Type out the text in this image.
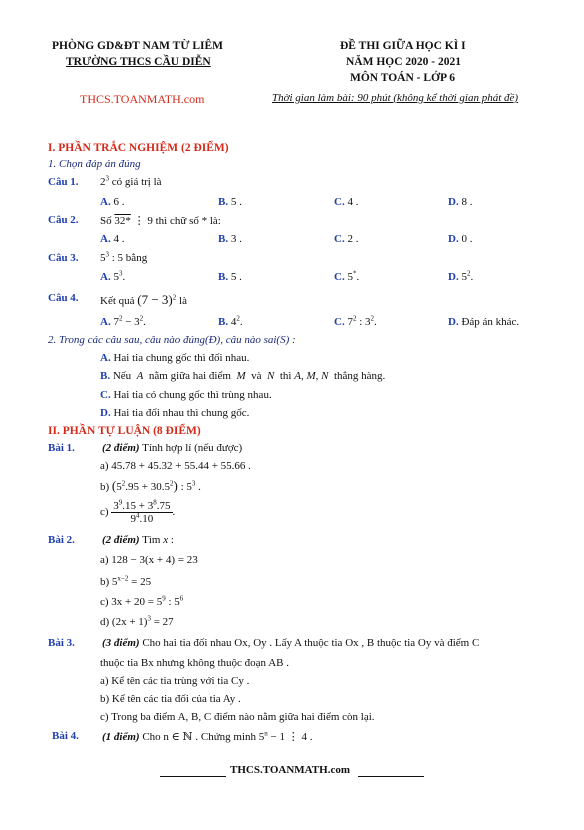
PHÒNG GD&ĐT NAM TỪ LIÊM
TRƯỜNG THCS CẦU DIỄN
THCS.TOANMATH.com
ĐỀ THI GIỮA HỌC KÌ I
NĂM HỌC 2020 - 2021
MÔN TOÁN - LỚP 6
Thời gian làm bài: 90 phút (không kể thời gian phát đề)
I. PHẦN TRẮC NGHIỆM (2 ĐIỂM)
1. Chọn đáp án đúng
Câu 1. $2^3$ có giá trị là
A. 6 .	B. 5 .	C. 4 .	D. 8 .
Câu 2. Số 32* ⋮ 9 thì chữ số * là:
A. 4 .	B. 3 .	C. 2 .	D. 0 .
Câu 3. $5^3$ : 5 bằng
A. $5^3$.	B. 5 .	C. 5*.	D. $5^2$.
Câu 4. Kết quả $(7 - 3)^2$ là
A. $7^2 - 3^2$.	B. $4^2$.	C. $7^2$ : $3^2$.	D. Đáp án khác.
2. Trong các câu sau, câu nào đúng(Đ), câu nào sai(S) :
A. Hai tia chung gốc thì đối nhau.
B. Nếu A nằm giữa hai điểm M và N thì A, M, N thẳng hàng.
C. Hai tia có chung gốc thì trùng nhau.
D. Hai tia đối nhau thì chung gốc.
II. PHẦN TỰ LUẬN (8 ĐIỂM)
Bài 1. (2 điểm) Tính hợp lí (nếu được)
a) 45.78 + 45.32 + 55.44 + 55.66 .
b) $(5^2.95 + 30.5^2)$ : $5^3$ .
$c) \frac{3^9.15 + 3^8.75}{9^4.10}$ .
Bài 2. (2 điểm) Tìm x :
a) 128 − 3(x + 4) = 23
b) $5^{x-2} = 25$
c) $3x + 20 = 5^9$ : $5^6$
d) $(2x + 1)^3 = 27$
Bài 3. (3 điểm) Cho hai tia đối nhau Ox, Oy . Lấy A thuộc tia Ox , B thuộc tia Oy và điểm C
thuộc tia Bx nhưng không thuộc đoạn AB .
a) Kể tên các tia trùng với tia Cy .
b) Kể tên các tia đối của tia Ay .
c) Trong ba điểm A, B, C điểm nào nằm giữa hai điểm còn lại.
Bài 4. (1 điểm) Cho n ∈ ℕ . Chứng minh $5^n - 1$ ⋮ 4 .
THCS.TOANMATH.com
